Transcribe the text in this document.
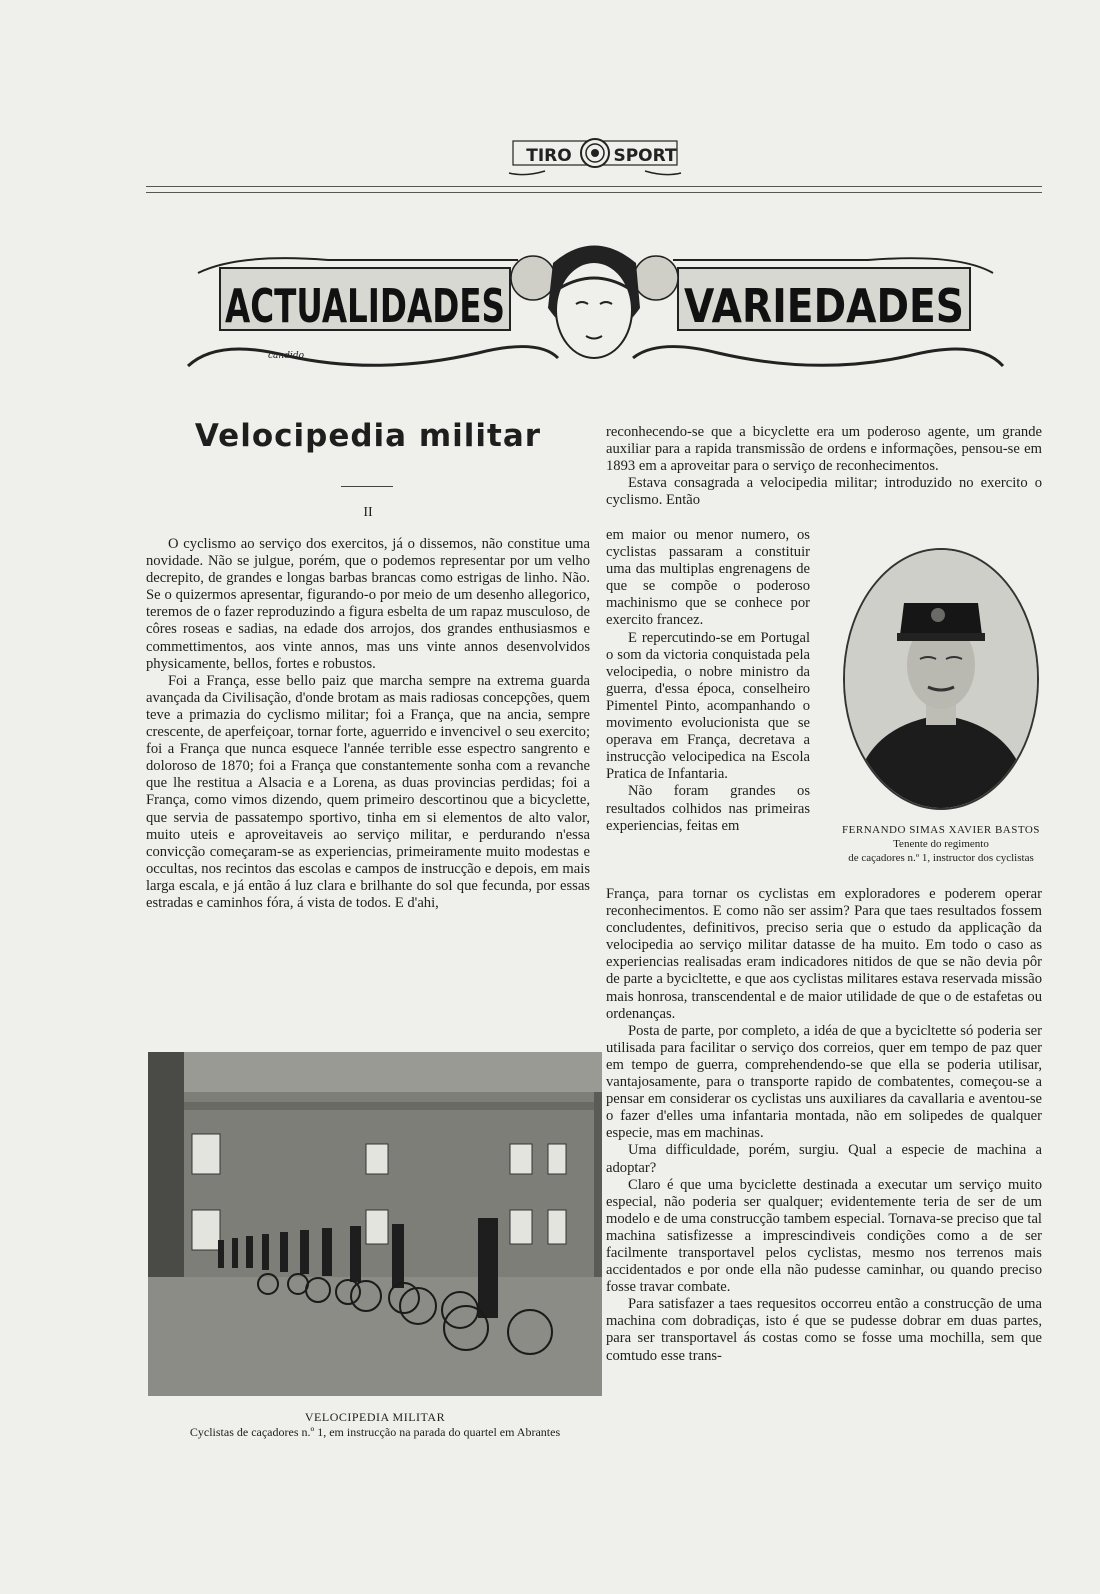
TIRO SPORT
ACTUALIDADES	VARIEDADES
candido
Velocipedia militar
II

O cyclismo ao serviço dos exercitos, já o dissemos, não constitue uma novidade. Não se julgue, porém, que o podemos representar por um velho decrepito, de grandes e longas barbas brancas como estrigas de linho. Não. Se o quizermos apresentar, figurando-o por meio de um desenho allegorico, teremos de o fazer reproduzindo a figura esbelta de um rapaz musculoso, de côres roseas e sadias, na edade dos arrojos, dos grandes enthusiasmos e commettimentos, aos vinte annos, mas uns vinte annos desenvolvidos physicamente, bellos, fortes e robustos.

Foi a França, esse bello paiz que marcha sempre na extrema guarda avançada da Civilisação, d'onde brotam as mais radiosas concepções, quem teve a primazia do cyclismo militar; foi a França, que na ancia, sempre crescente, de aperfeiçoar, tornar forte, aguerrido e invencivel o seu exercito; foi a França que nunca esquece l'année terrible esse espectro sangrento e doloroso de 1870; foi a França que constantemente sonha com a revanche que lhe restitua a Alsacia e a Lorena, as duas provincias perdidas; foi a França, como vimos dizendo, quem primeiro descortinou que a bicyclette, que servia de passatempo sportivo, tinha em si elementos de alto valor, muito uteis e aproveitaveis ao serviço militar, e perdurando n'essa convicção começaram-se as experiencias, primeiramente muito modestas e occultas, nos recintos das escolas e campos de instrucção e depois, em mais larga escala, e já então á luz clara e brilhante do sol que fecunda, por essas estradas e caminhos fóra, á vista de todos. E d'ahi,

reconhecendo-se que a bicyclette era um poderoso agente, um grande auxiliar para a rapida transmissão de ordens e informações, pensou-se em 1893 em a aproveitar para o serviço de reconhecimentos.

Estava consagrada a velocipedia militar; introduzido no exercito o cyclismo. Então

em maior ou menor numero, os cyclistas passaram a constituir uma das multiplas engrenagens de que se compõe o poderoso machinismo que se conhece por exercito francez.

E repercutindo-se em Portugal o som da victoria conquistada pela velocipedia, o nobre ministro da guerra, d'essa época, conselheiro Pimentel Pinto, acompanhando o movimento evolucionista que se operava em França, decretava a instrucção velocipedica na Escola Pratica de Infantaria.

Não foram grandes os resultados colhidos nas primeiras experiencias, feitas em	FERNANDO SIMAS XAVIER BASTOS
Tenente do regimento
de caçadores n.º 1, instructor dos cyclistas

França, para tornar os cyclistas em exploradores e poderem operar reconhecimentos. E como não ser assim? Para que taes resultados fossem concludentes, definitivos, preciso seria que o estudo da applicação da velocipedia ao serviço militar datasse de ha muito. Em todo o caso as experiencias realisadas eram indicadores nitidos de que se não devia pôr de parte a bycicltette, e que aos cyclistas militares estava reservada missão mais honrosa, transcendental e de maior utilidade de que o de estafetas ou ordenanças.

Posta de parte, por completo, a idéa de que a bycicltette só poderia ser utilisada para facilitar o serviço dos correios, quer em tempo de paz quer em tempo de guerra, comprehendendo-se que ella se poderia utilisar, vantajosamente, para o transporte rapido de combatentes, começou-se a pensar em considerar os cyclistas uns auxiliares da cavallaria e aventou-se o fazer d'elles uma infantaria montada, não em solipedes de qualquer especie, mas em machinas.

Uma difficuldade, porém, surgiu. Qual a especie de machina a adoptar?

Claro é que uma byciclette destinada a executar um serviço muito especial, não poderia ser qualquer; evidentemente teria de ser de um modelo e de uma construcção tambem especial. Tornava-se preciso que tal machina satisfizesse a imprescindiveis condições como a de ser facilmente transportavel pelos cyclistas, mesmo nos terrenos mais accidentados e por onde ella não pudesse caminhar, ou quando preciso fosse travar combate.

Para satisfazer a taes requesitos occorreu então a construcção de uma machina com dobradiças, isto é que se pudesse dobrar em duas partes, para ser transportavel ás costas como se fosse uma mochilla, sem que comtudo esse trans-

VELOCIPEDIA MILITAR
Cyclistas de caçadores n.º 1, em instrucção na parada do quartel em Abrantes
